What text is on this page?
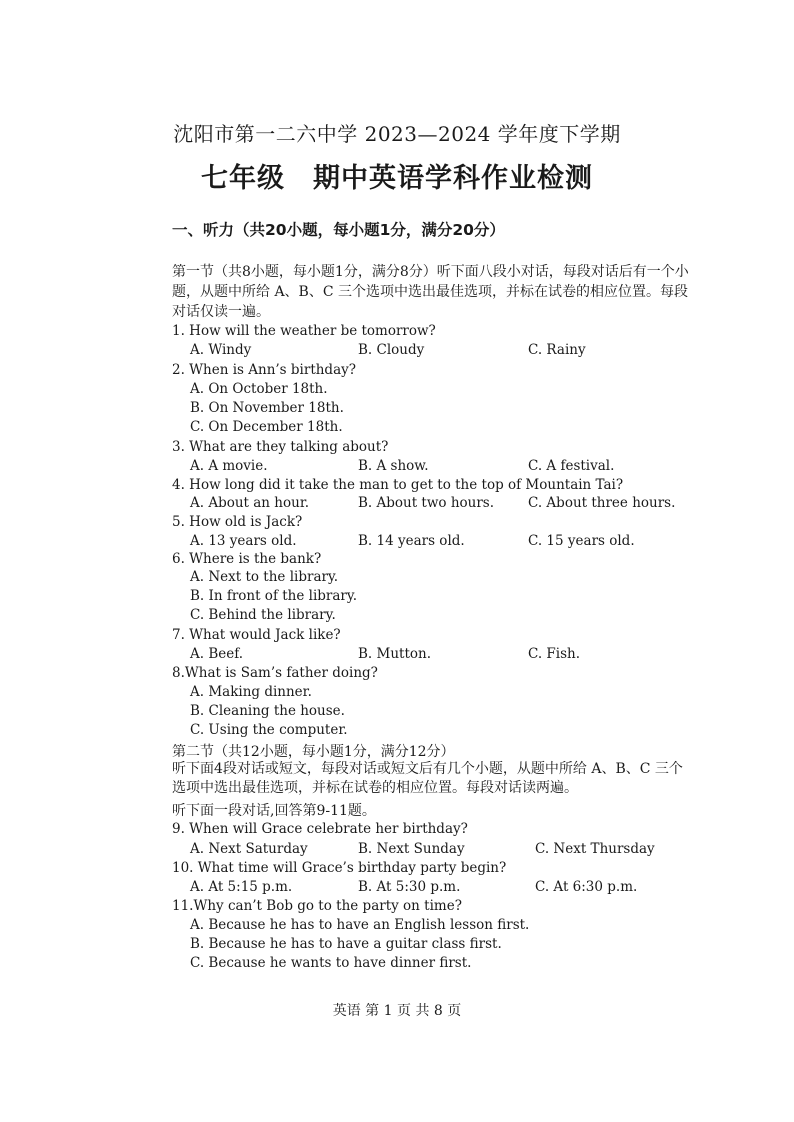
沈阳市第一二六中学 2023—2024 学年度下学期
七年级　期中英语学科作业检测
一、听力（共20小题，每小题1分，满分20分）
第一节（共8小题，每小题1分，满分8分）听下面八段小对话，每段对话后有一个小题，从题中所给 A、B、C 三个选项中选出最佳选项，并标在试卷的相应位置。每段对话仅读一遍。
1. How will the weather be tomorrow?
A. Windy	B. Cloudy	C. Rainy
2. When is Ann’s birthday?
A. On October 18th.
B. On November 18th.
C. On December 18th.
3. What are they talking about?
A. A movie.	B. A show.	C. A festival.
4. How long did it take the man to get to the top of Mountain Tai?
A. About an hour.	B. About two hours.	C. About three hours.
5. How old is Jack?
A. 13 years old.	B. 14 years old.	C. 15 years old.
6. Where is the bank?
A. Next to the library.
B. In front of the library.
C. Behind the library.
7. What would Jack like?
A. Beef.	B. Mutton.	C. Fish.
8.What is Sam’s father doing?
A. Making dinner.
B. Cleaning the house.
C. Using the computer.
第二节（共12小题，每小题1分，满分12分）
听下面4段对话或短文，每段对话或短文后有几个小题，从题中所给 A、B、C 三个选项中选出最佳选项，并标在试卷的相应位置。每段对话读两遍。
听下面一段对话,回答第9-11题。
9. When will Grace celebrate her birthday?
A. Next Saturday	B. Next Sunday	C. Next Thursday
10. What time will Grace’s birthday party begin?
A. At 5:15 p.m.	B. At 5:30 p.m.	C. At 6:30 p.m.
11.Why can’t Bob go to the party on time?
A. Because he has to have an English lesson first.
B. Because he has to have a guitar class first.
C. Because he wants to have dinner first.
英语 第 1 页 共 8 页
